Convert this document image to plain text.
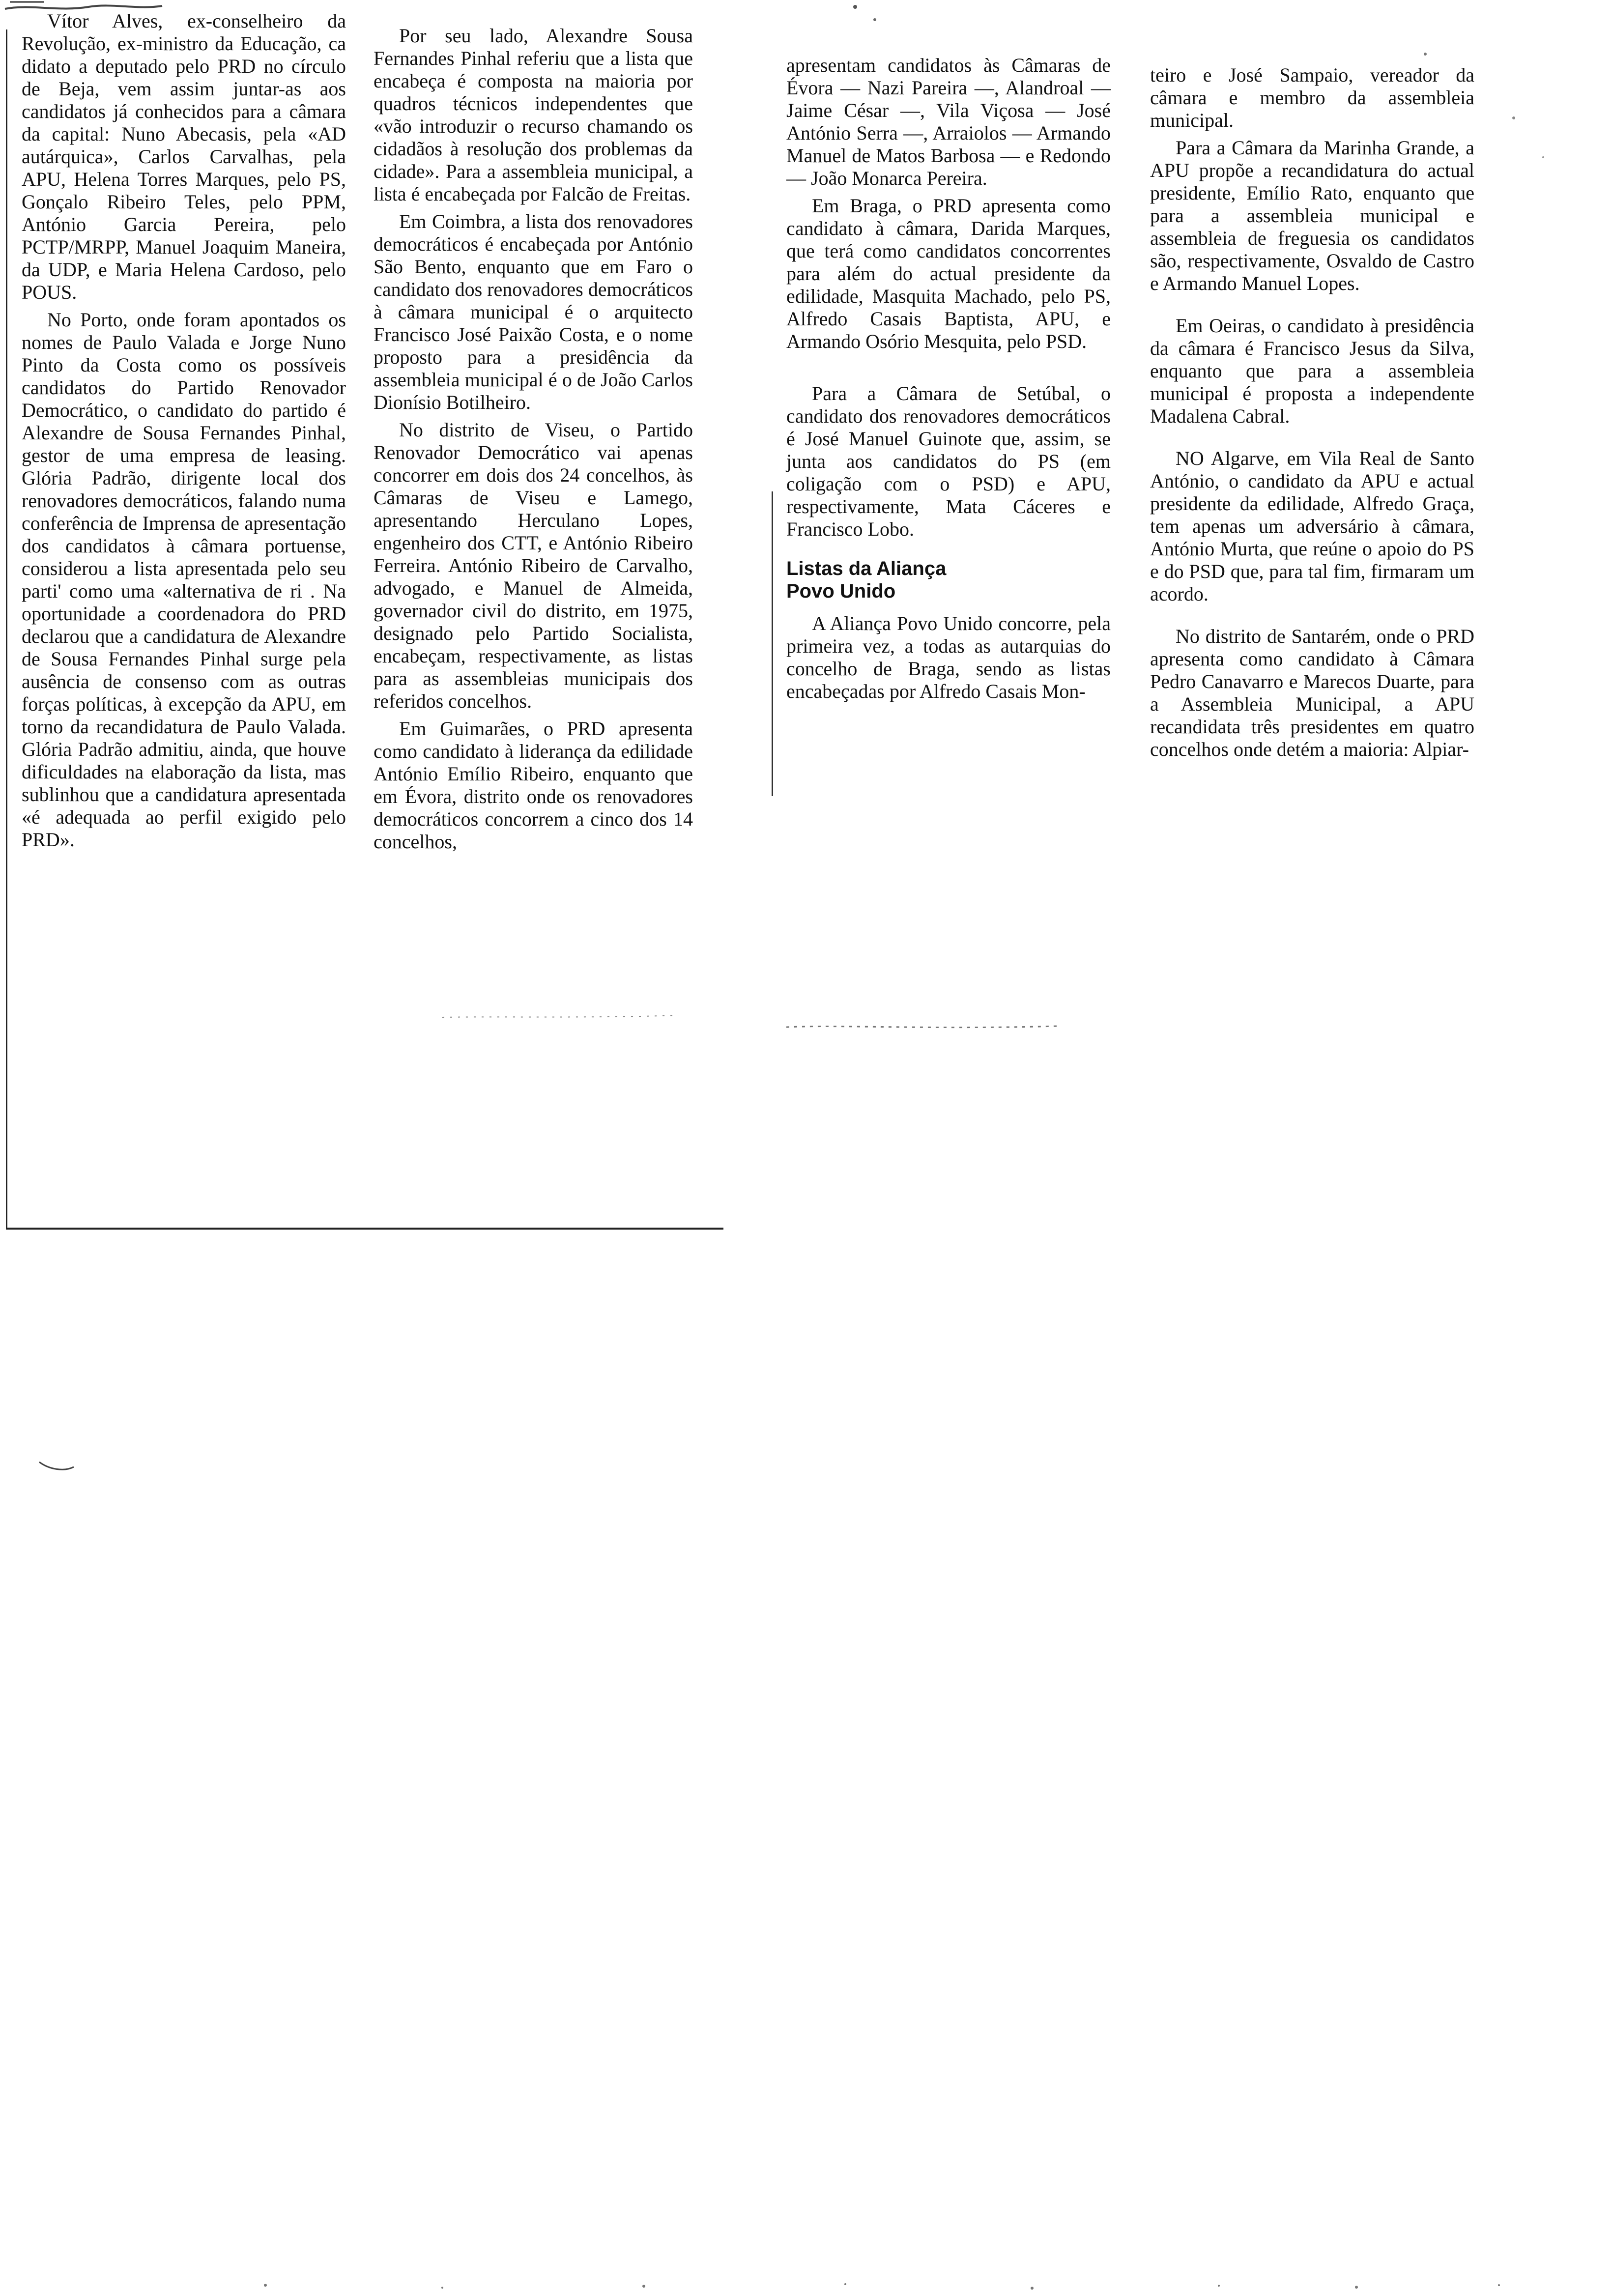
Vítor Alves, ex-conselheiro da Revolução, ex-ministro da Educação, ca didato a deputado pelo PRD no círculo de Beja, vem assim juntar-as aos candidatos já conhecidos para a câmara da capital: Nuno Abecasis, pela «AD autárquica», Carlos Carvalhas, pela APU, Helena Torres Marques, pelo PS, Gonçalo Ribeiro Teles, pelo PPM, António Garcia Pereira, pelo PCTP/MRPP, Manuel Joaquim Maneira, da UDP, e Maria Helena Cardoso, pelo POUS.

No Porto, onde foram apontados os nomes de Paulo Valada e Jorge Nuno Pinto da Costa como os possíveis candidatos do Partido Renovador Democrático, o candidato do partido é Alexandre de Sousa Fernandes Pinhal, gestor de uma empresa de leasing. Glória Padrão, dirigente local dos renovadores democráticos, falando numa conferência de Imprensa de apresentação dos candidatos à câmara portuense, considerou a lista apresentada pelo seu parti' como uma «alternativa de ri . Na oportunidade a coordenadora do PRD declarou que a candidatura de Alexandre de Sousa Fernandes Pinhal surge pela ausência de consenso com as outras forças políticas, à excepção da APU, em torno da recandidatura de Paulo Valada. Glória Padrão admitiu, ainda, que houve dificuldades na elaboração da lista, mas sublinhou que a candidatura apresentada «é adequada ao perfil exigido pelo PRD».

Por seu lado, Alexandre Sousa Fernandes Pinhal referiu que a lista que encabeça é composta na maioria por quadros técnicos independentes que «vão introduzir o recurso chamando os cidadãos à resolução dos problemas da cidade». Para a assembleia municipal, a lista é encabeçada por Falcão de Freitas.

Em Coimbra, a lista dos renovadores democráticos é encabeçada por António São Bento, enquanto que em Faro o candidato dos renovadores democráticos à câmara municipal é o arquitecto Francisco José Paixão Costa, e o nome proposto para a presidência da assembleia municipal é o de João Carlos Dionísio Botilheiro.

No distrito de Viseu, o Partido Renovador Democrático vai apenas concorrer em dois dos 24 concelhos, às Câmaras de Viseu e Lamego, apresentando Herculano Lopes, engenheiro dos CTT, e António Ribeiro Ferreira. António Ribeiro de Carvalho, advogado, e Manuel de Almeida, governador civil do distrito, em 1975, designado pelo Partido Socialista, encabeçam, respectivamente, as listas para as assembleias municipais dos referidos concelhos.

Em Guimarães, o PRD apresenta como candidato à liderança da edilidade António Emílio Ribeiro, enquanto que em Évora, distrito onde os renovadores democráticos concorrem a cinco dos 14 concelhos,

apresentam candidatos às Câmaras de Évora — Nazi Pareira —, Alandroal — Jaime César —, Vila Viçosa — José António Serra —, Arraiolos — Armando Manuel de Matos Barbosa — e Redondo — João Monarca Pereira.

Em Braga, o PRD apresenta como candidato à câmara, Darida Marques, que terá como candidatos concorrentes para além do actual presidente da edilidade, Masquita Machado, pelo PS, Alfredo Casais Baptista, APU, e Armando Osório Mesquita, pelo PSD.

Para a Câmara de Setúbal, o candidato dos renovadores democráticos é José Manuel Guinote que, assim, se junta aos candidatos do PS (em coligação com o PSD) e APU, respectivamente, Mata Cáceres e Francisco Lobo.

Listas da Aliança
Povo Unido

A Aliança Povo Unido concorre, pela primeira vez, a todas as autarquias do concelho de Braga, sendo as listas encabeçadas por Alfredo Casais Mon-

teiro e José Sampaio, vereador da câmara e membro da assembleia municipal.

Para a Câmara da Marinha Grande, a APU propõe a recandidatura do actual presidente, Emílio Rato, enquanto que para a assembleia municipal e assembleia de freguesia os candidatos são, respectivamente, Osvaldo de Castro e Armando Manuel Lopes.

Em Oeiras, o candidato à presidência da câmara é Francisco Jesus da Silva, enquanto que para a assembleia municipal é proposta a independente Madalena Cabral.

NO Algarve, em Vila Real de Santo António, o candidato da APU e actual presidente da edilidade, Alfredo Graça, tem apenas um adversário à câmara, António Murta, que reúne o apoio do PS e do PSD que, para tal fim, firmaram um acordo.

No distrito de Santarém, onde o PRD apresenta como candidato à Câmara Pedro Canavarro e Marecos Duarte, para a Assembleia Municipal, a APU recandidata três presidentes em quatro concelhos onde detém a maioria: Alpiar-
